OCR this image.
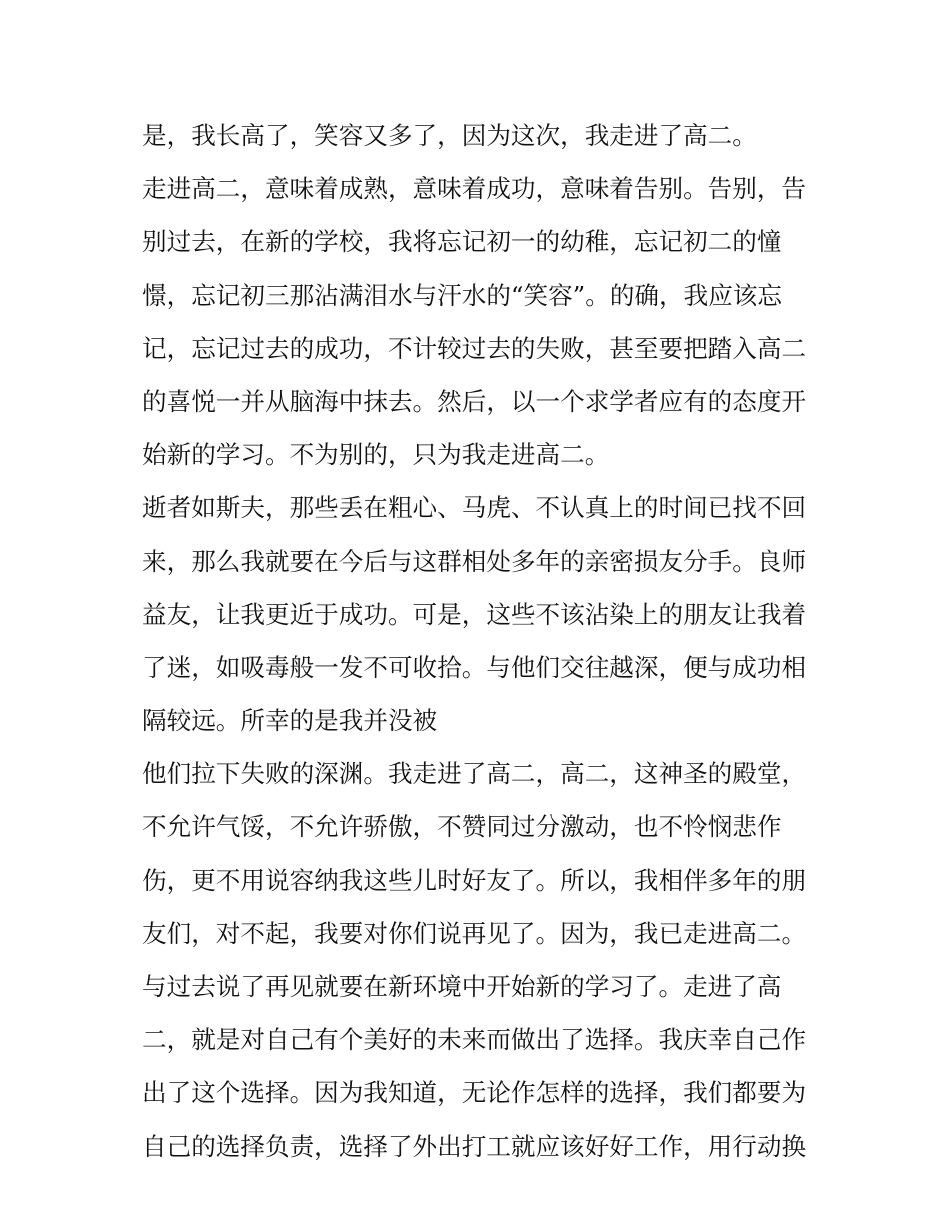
是，我长高了，笑容又多了，因为这次，我走进了高二。
走进高二，意味着成熟，意味着成功，意味着告别。告别，告
别过去，在新的学校，我将忘记初一的幼稚，忘记初二的憧
憬，忘记初三那沾满泪水与汗水的“笑容”。的确，我应该忘
记，忘记过去的成功，不计较过去的失败，甚至要把踏入高二
的喜悦一并从脑海中抹去。然后，以一个求学者应有的态度开
始新的学习。不为别的，只为我走进高二。
逝者如斯夫，那些丢在粗心、马虎、不认真上的时间已找不回
来，那么我就要在今后与这群相处多年的亲密损友分手。良师
益友，让我更近于成功。可是，这些不该沾染上的朋友让我着
了迷，如吸毒般一发不可收拾。与他们交往越深，便与成功相
隔较远。所幸的是我并没被
他们拉下失败的深渊。我走进了高二，高二，这神圣的殿堂，
不允许气馁，不允许骄傲，不赞同过分激动，也不怜悯悲作
伤，更不用说容纳我这些儿时好友了。所以，我相伴多年的朋
友们，对不起，我要对你们说再见了。因为，我已走进高二。
与过去说了再见就要在新环境中开始新的学习了。走进了高
二，就是对自己有个美好的未来而做出了选择。我庆幸自己作
出了这个选择。因为我知道，无论作怎样的选择，我们都要为
自己的选择负责，选择了外出打工就应该好好工作，用行动换
